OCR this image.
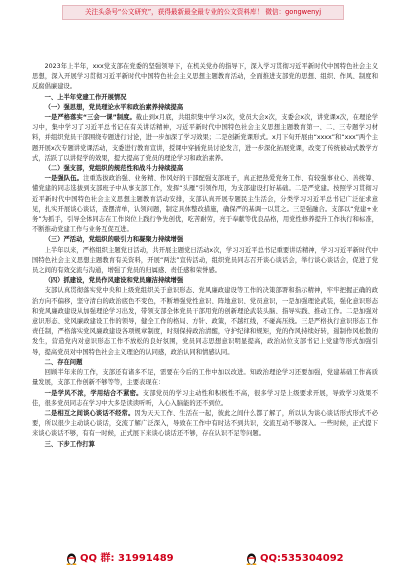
关注头条号“公文研究”，获得最新最全最专业的公文资料库！ 微信：gongwenyj

2023年上半年，xxx党支部在党委的坚强领导下，在机关党办的指导下，深入学习贯彻习近平新时代中国特色社会主义思想，深入开展学习贯彻习近平新时代中国特色社会主义思想主题教育活动，全面推进支部党的思想、组织、作风、制度和反腐倡廉建设。

一、上半年党建工作开展情况

（一）强思想，党员理论水平和政治素养持续提高

一是严格落实“三会一课”制度。截止到x月底，共组织集中学习x次，党员大会x次，支委会x次，讲党课x次，在理论学习中，集中学习了习近平总书记在有关讲话精神，习近平新时代中国特色社会主义思想主题教育第一、二、三专题学习材料，并组织党员干部围绕专题进行讨论，进一步加深了学习效果；二是创新党课形式。x月下旬开展由“xxxx”和“xxx”两个主题开展x次专题讲党课活动，支委进行教育宣讲，授课中穿插党员讨论发言，进一步深化拓展党课，改变了传统被动式教学方式，活跃了以讲促学的效果，提大提高了党员的理论学习和政治素养。

（二）强支部，党组织的规范性和战斗力持续提高

一是强队伍。注重选拔政治强、业务精、作风好的干部配强支部班子，真正把热爱党务工作、有较强事业心、善统筹、懂党建的同志选拔到支部班子中从事支部工作，发挥“头雁”引领作用，为支部建设打好基础。二是严党建。按照学习贯彻习近平新时代中国特色社会主义思想主题教育活动安排，支部认真开展专题民主生活会，分类学习习近平总书记广泛征求意见，扎实开展谈心谈话，查摆清单，认领问题，制定具体整改措施，确保严的基调一以贯之。三是强融合。支部以“党建+业务”为抓手，引导全体同志在工作岗位上践行争先创优，吃苦耐劳，亮于奉献等优良品格，用党性修养提升工作执行和标准，不断推动党建工作与业务互促互进。

（三）严活动，党组织的吸引力和凝聚力持续增强

上半年以来，严格组织主题党日活动，共开展主题党日活动x次，学习习近平总书记重要讲话精神，学习习近平新时代中国特色社会主义思想主题教育有关资料，开展“两法”宣传活动，组织党员同志召开谈心谈话会，举行谈心谈话会，促进了党员之间的有效交流与沟通，增强了党员的归属感、责任感和荣誉感。

（四）抓建设，党员作风建设和党员廉洁持续增强

支部认真贯彻落实党中央和上级党组织关于意识形态、党风廉政建设等工作的决策部署和指示精神，牢牢把握正确的政治方向不偏移，坚守清白的政治底色不变色，不断增强党性意识、阵地意识、党员意识，一是加强理论武装，强化意识形态和党风廉政建设从加强理论学习出发，带领支部全体党员干部用党的创新理论武装头脑、指导实践、推动工作。二是加强对意识形态、党风廉政建设工作的领导，健全工作的格局、方针、政策，不越红线，不碰高压线。三是严格执行意识形态工作责任制，严格落实党风廉政建设各项规章制度，时刻保持政治清醒，守护纪律和规矩，党的作风持续好转，遏制作风松散的发生，营造党内对意识形态工作不放松的良好氛围，党员同志思想意识明显提高，政治站位支部书记上党建等形式加强引导，提高党员对中国特色社会主义理论的认同感，政治认同和情感认同。

二、存在问题

回顾半年来的工作，支部还有诸多不足，需要在今后的工作中加以改进。知政治理论学习还要加强，党建基础工作高质量发展，支部工作创新不够等等，主要表现在：

一是学风不浓，学用结合不紧密。支部党员的学习主动性和积极性不高，很多学习是上级要求开展，导致学习效果不佳，很多党员同志在学习中大多是读读听听，入心入脑能的还不到位。

二是相互之间谈心谈话不经常。因为天天工作、生活在一起，彼此之间什么都了解了，所以认为谈心谈话形式形式不必要，所以很少主动谈心谈话，交流了解广泛深入，导致在工作中有时达不到共识，交流互动不够深入。一些时候，正式提下来谈心谈话不够，有有一时候，正式展下来谈心谈话还不够，存在认识不足等问题。

三、下步工作打算

QQ 群: 31991489	QQ:535304092
